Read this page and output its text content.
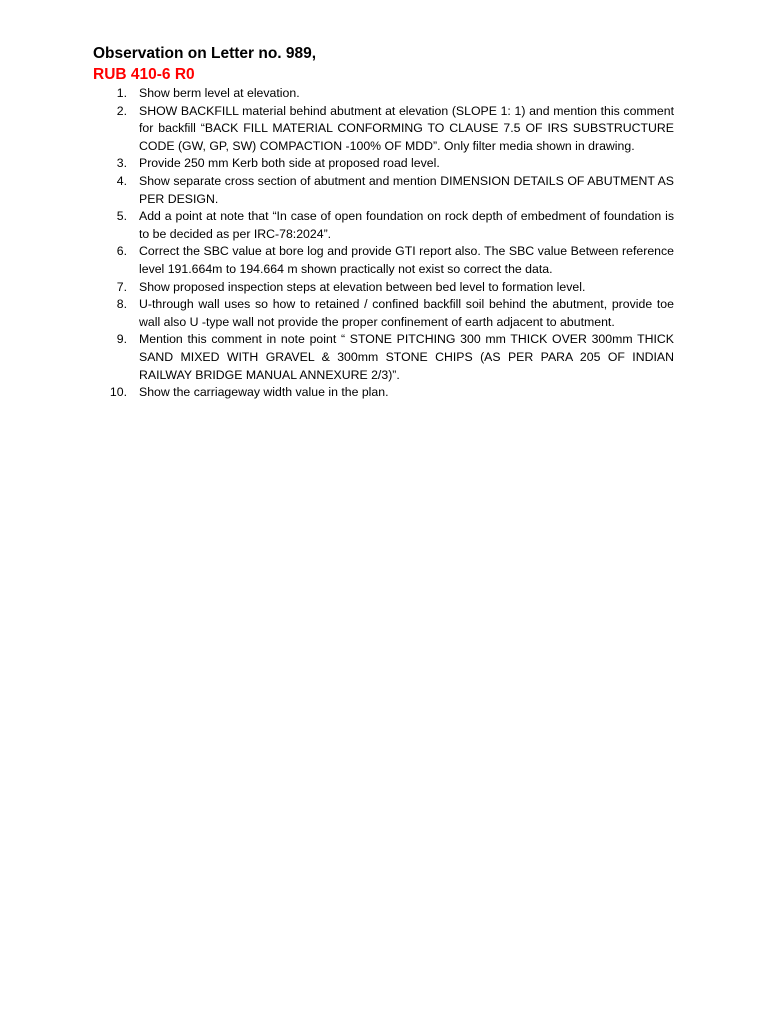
Observation on Letter no. 989,
RUB 410-6 R0
1. Show berm level at elevation.
2. SHOW BACKFILL material behind abutment at elevation (SLOPE 1: 1) and mention this comment for backfill “BACK FILL MATERIAL CONFORMING TO CLAUSE 7.5 OF IRS SUBSTRUCTURE CODE (GW, GP, SW) COMPACTION -100% OF MDD”. Only filter media shown in drawing.
3. Provide 250 mm Kerb both side at proposed road level.
4. Show separate cross section of abutment and mention DIMENSION DETAILS OF ABUTMENT AS PER DESIGN.
5. Add a point at note that “In case of open foundation on rock depth of embedment of foundation is to be decided as per IRC-78:2024”.
6. Correct the SBC value at bore log and provide GTI report also. The SBC value Between reference level 191.664m to 194.664 m shown practically not exist so correct the data.
7. Show proposed inspection steps at elevation between bed level to formation level.
8. U-through wall uses so how to retained / confined backfill soil behind the abutment, provide toe wall also U -type wall not provide the proper confinement of earth adjacent to abutment.
9. Mention this comment in note point “ STONE PITCHING 300 mm THICK OVER 300mm THICK SAND MIXED WITH GRAVEL & 300mm STONE CHIPS (AS PER PARA 205 OF INDIAN RAILWAY BRIDGE MANUAL ANNEXURE 2/3)”.
10. Show the carriageway width value in the plan.
